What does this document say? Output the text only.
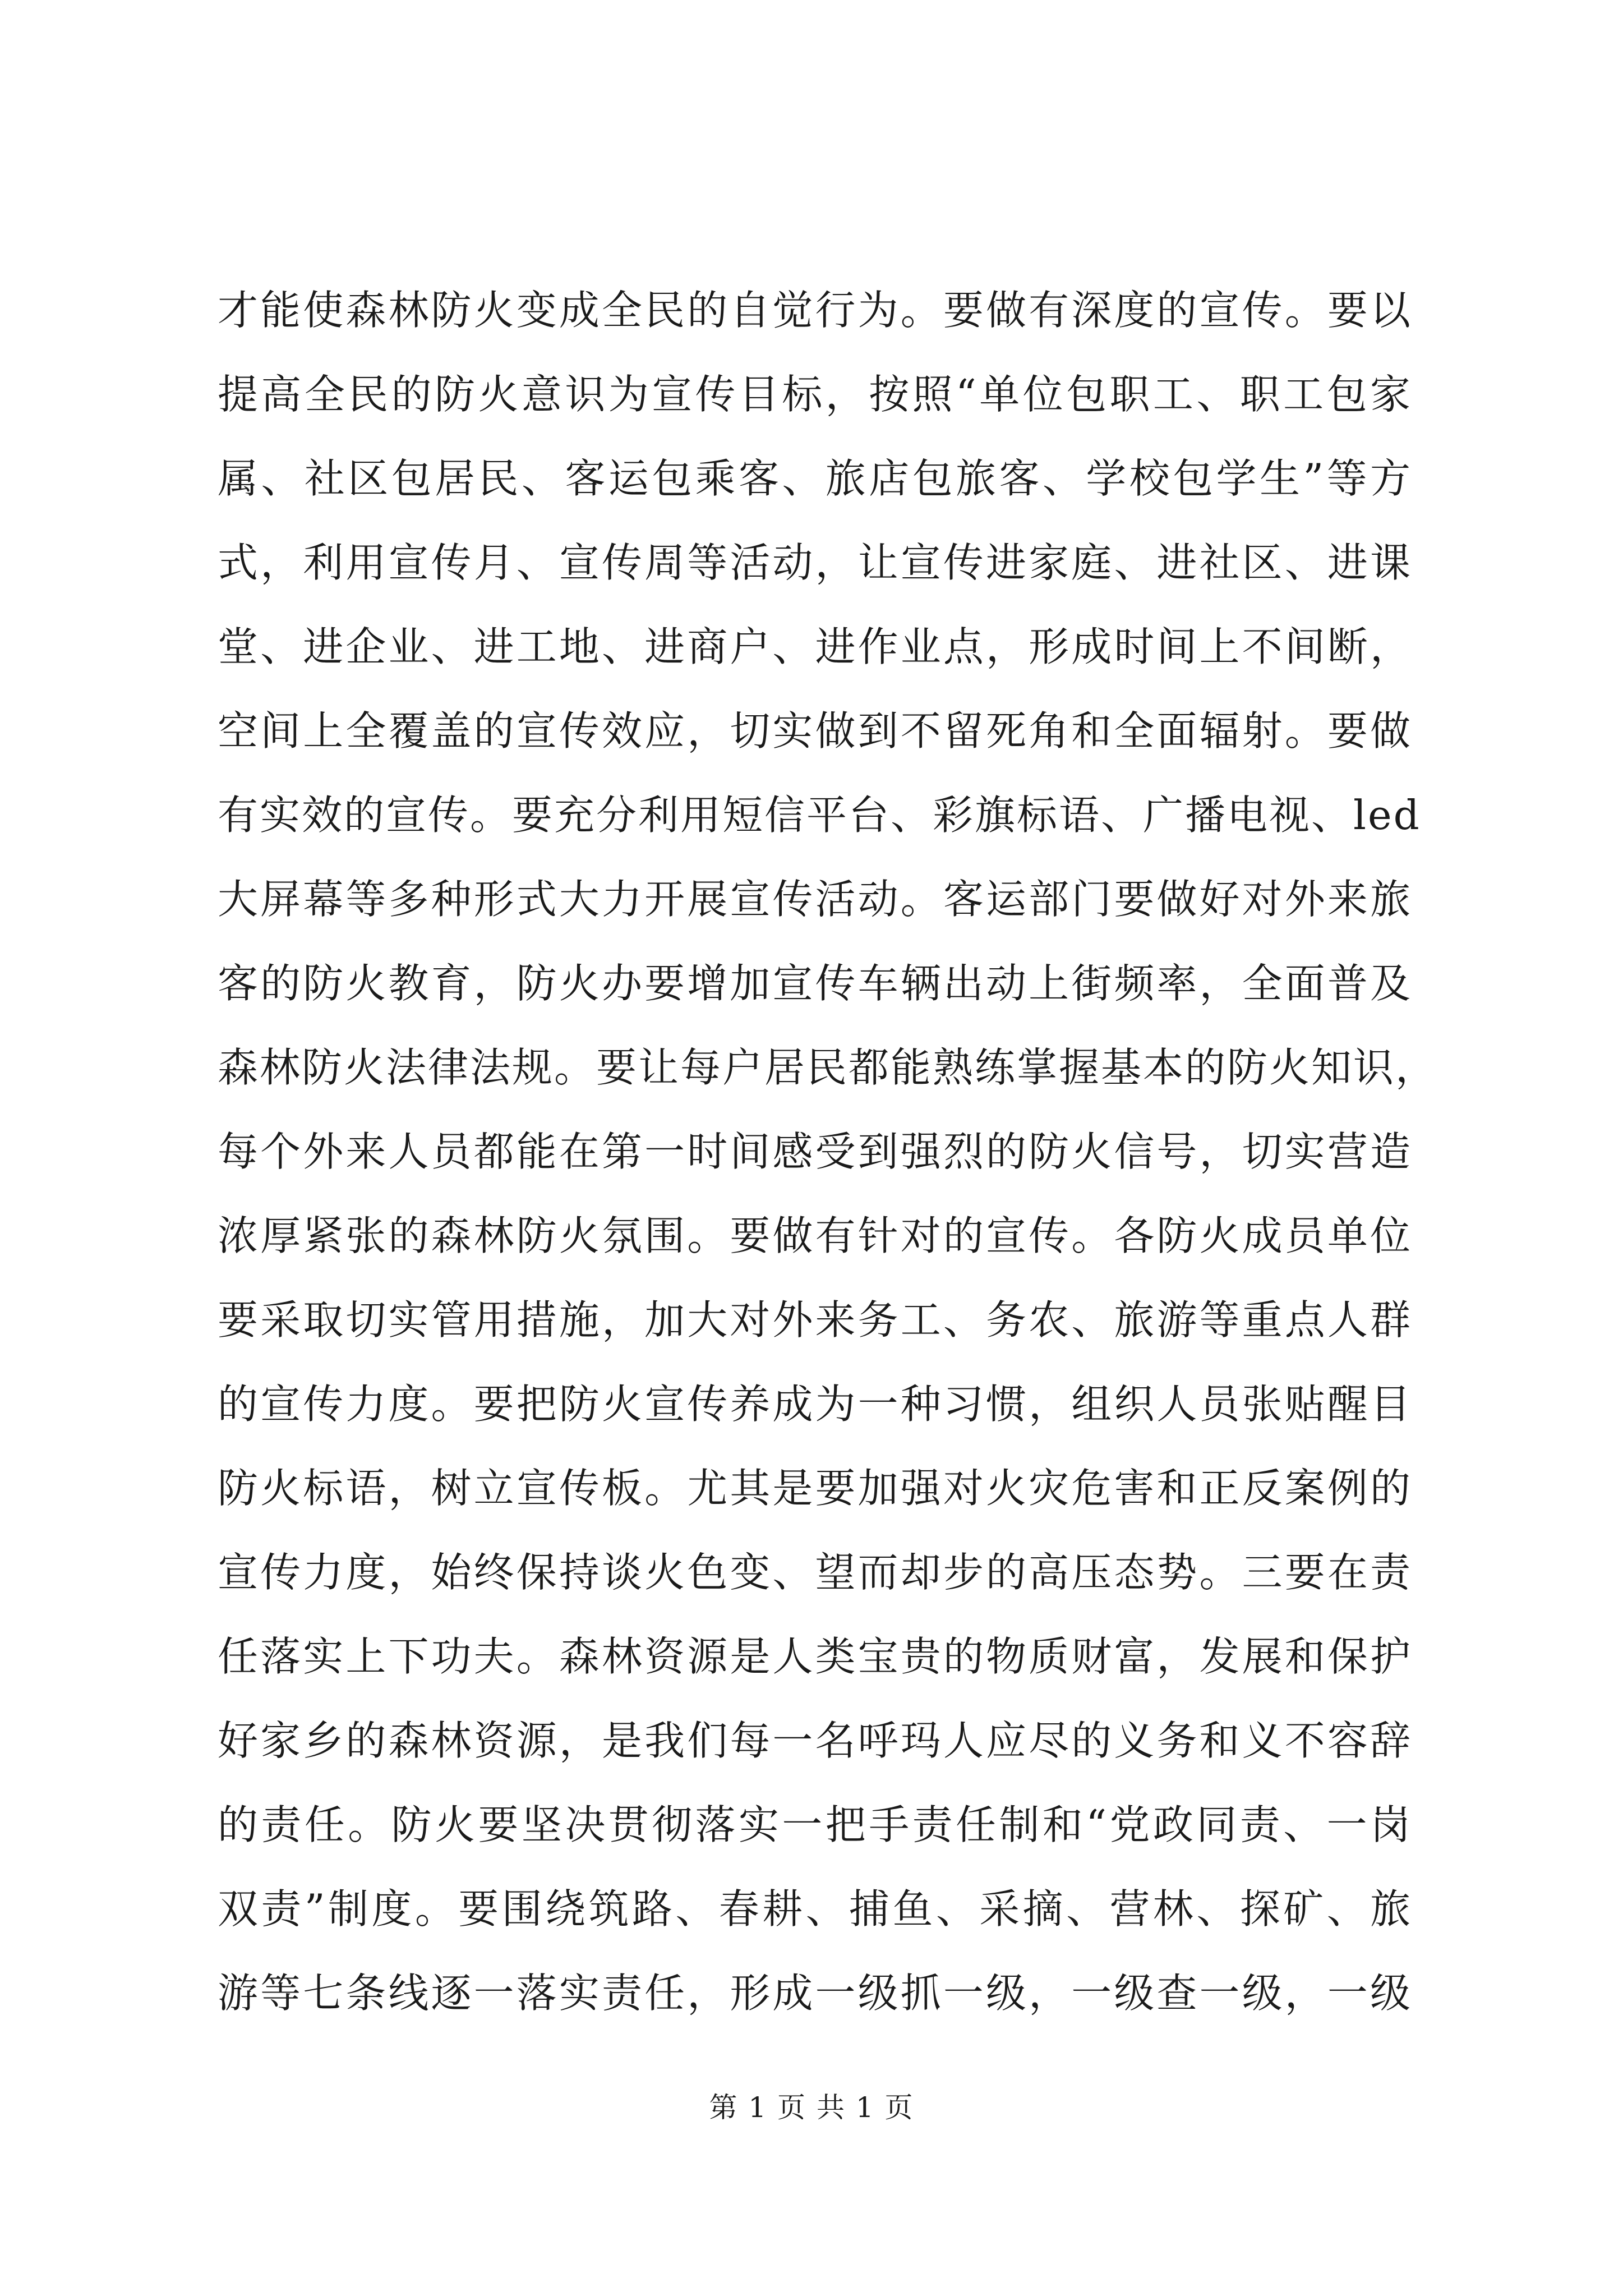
才能使森林防火变成全民的自觉行为。要做有深度的宣传。要以
提高全民的防火意识为宣传目标，按照“单位包职工、职工包家
属、社区包居民、客运包乘客、旅店包旅客、学校包学生”等方
式，利用宣传月、宣传周等活动，让宣传进家庭、进社区、进课
堂、进企业、进工地、进商户、进作业点，形成时间上不间断，
空间上全覆盖的宣传效应，切实做到不留死角和全面辐射。要做
有实效的宣传。要充分利用短信平台、彩旗标语、广播电视、led
大屏幕等多种形式大力开展宣传活动。客运部门要做好对外来旅
客的防火教育，防火办要增加宣传车辆出动上街频率，全面普及
森林防火法律法规。要让每户居民都能熟练掌握基本的防火知识，
每个外来人员都能在第一时间感受到强烈的防火信号，切实营造
浓厚紧张的森林防火氛围。要做有针对的宣传。各防火成员单位
要采取切实管用措施，加大对外来务工、务农、旅游等重点人群
的宣传力度。要把防火宣传养成为一种习惯，组织人员张贴醒目
防火标语，树立宣传板。尤其是要加强对火灾危害和正反案例的
宣传力度，始终保持谈火色变、望而却步的高压态势。三要在责
任落实上下功夫。森林资源是人类宝贵的物质财富，发展和保护
好家乡的森林资源，是我们每一名呼玛人应尽的义务和义不容辞
的责任。防火要坚决贯彻落实一把手责任制和“党政同责、一岗
双责”制度。要围绕筑路、春耕、捕鱼、采摘、营林、探矿、旅
游等七条线逐一落实责任，形成一级抓一级，一级查一级，一级
第 1 页 共 1 页
